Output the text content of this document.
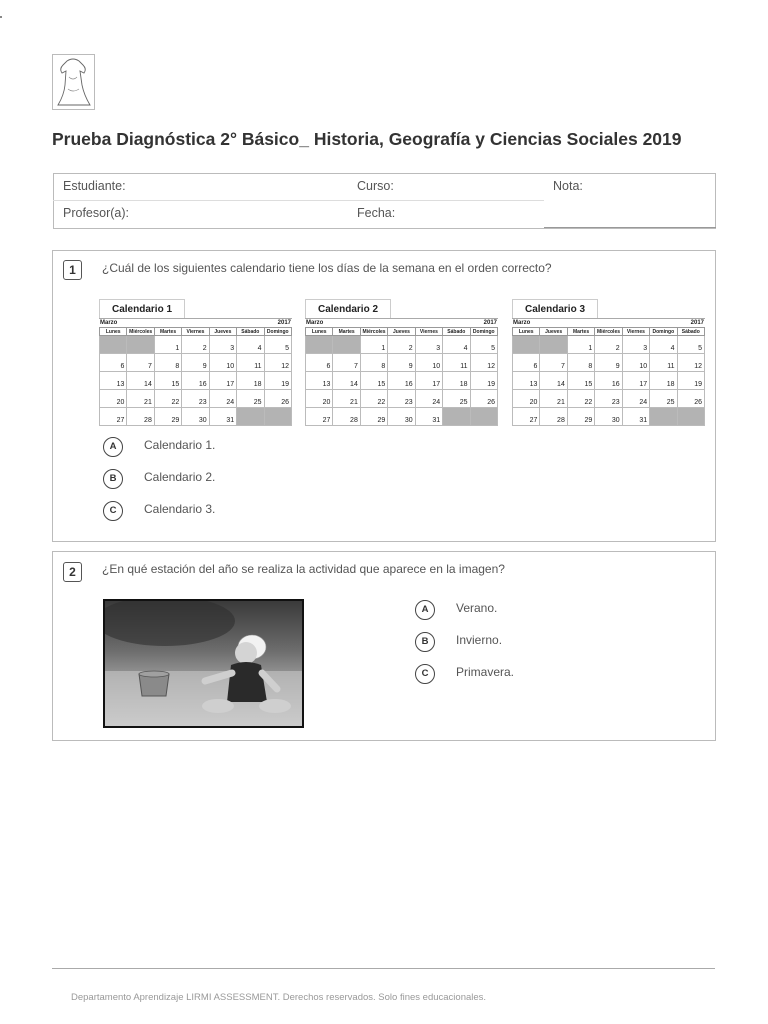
Prueba Diagnóstica 2° Básico_ Historia, Geografía y Ciencias Sociales 2019
Estudiante:	Curso:	Nota:
Profesor(a):	Fecha:
1	¿Cuál de los siguientes calendario tiene los días de la semana en el orden correcto?
Calendario 1
Marzo	2017
Lunes	Miércoles	Martes	Viernes	Jueves	Sábado	Domingo
		1	2	3	4	5
6	7	8	9	10	11	12
13	14	15	16	17	18	19
20	21	22	23	24	25	26
27	28	29	30	31		
Calendario 2
Marzo	2017
Lunes	Martes	Miércoles	Jueves	Viernes	Sábado	Domingo
		1	2	3	4	5
6	7	8	9	10	11	12
13	14	15	16	17	18	19
20	21	22	23	24	25	26
27	28	29	30	31		
Calendario 3
Marzo	2017
Lunes	Jueves	Martes	Miércoles	Viernes	Domingo	Sábado
		1	2	3	4	5
6	7	8	9	10	11	12
13	14	15	16	17	18	19
20	21	22	23	24	25	26
27	28	29	30	31		
A	Calendario 1.
B	Calendario 2.
C	Calendario 3.
2	¿En qué estación del año se realiza la actividad que aparece en la imagen?
A	Verano.
B	Invierno.
C	Primavera.
Departamento Aprendizaje LIRMI ASSESSMENT. Derechos reservados. Solo fines educacionales.
